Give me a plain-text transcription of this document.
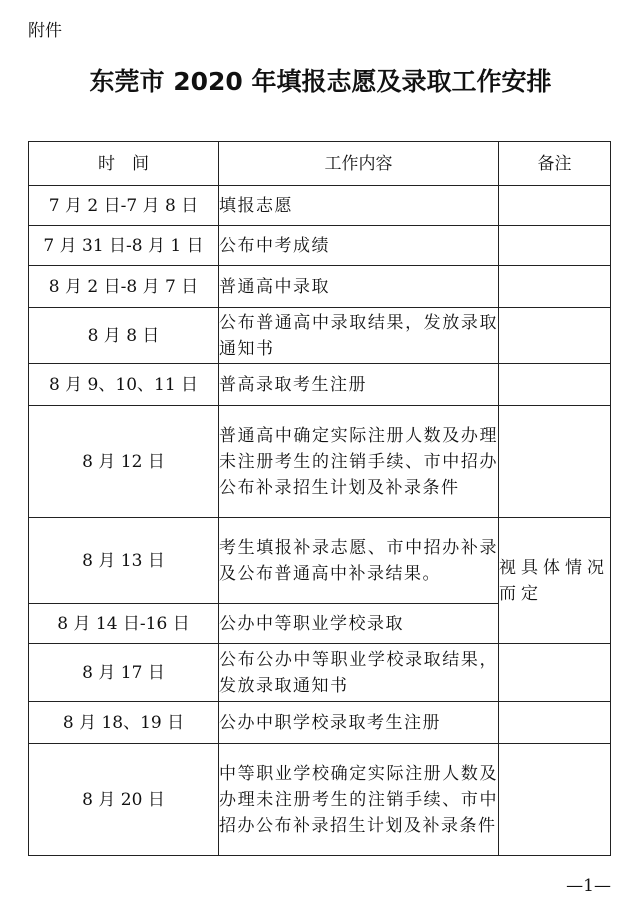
附件
东莞市 2020 年填报志愿及录取工作安排
时　间	工作内容	备注
7 月 2 日-7 月 8 日	填报志愿	
7 月 31 日-8 月 1 日	公布中考成绩	
8 月 2 日-8 月 7 日	普通高中录取	
8 月 8 日	公布普通高中录取结果，发放录取通知书	
8 月 9、10、11 日	普高录取考生注册	
8 月 12 日	普通高中确定实际注册人数及办理未注册考生的注销手续、市中招办公布补录招生计划及补录条件	
8 月 13 日	考生填报补录志愿、市中招办补录及公布普通高中补录结果。	视具体情况而定
8 月 14 日-16 日	公办中等职业学校录取	
8 月 17 日	公布公办中等职业学校录取结果，发放录取通知书	
8 月 18、19 日	公办中职学校录取考生注册	
8 月 20 日	中等职业学校确定实际注册人数及办理未注册考生的注销手续、市中招办公布补录招生计划及补录条件	
—1—
